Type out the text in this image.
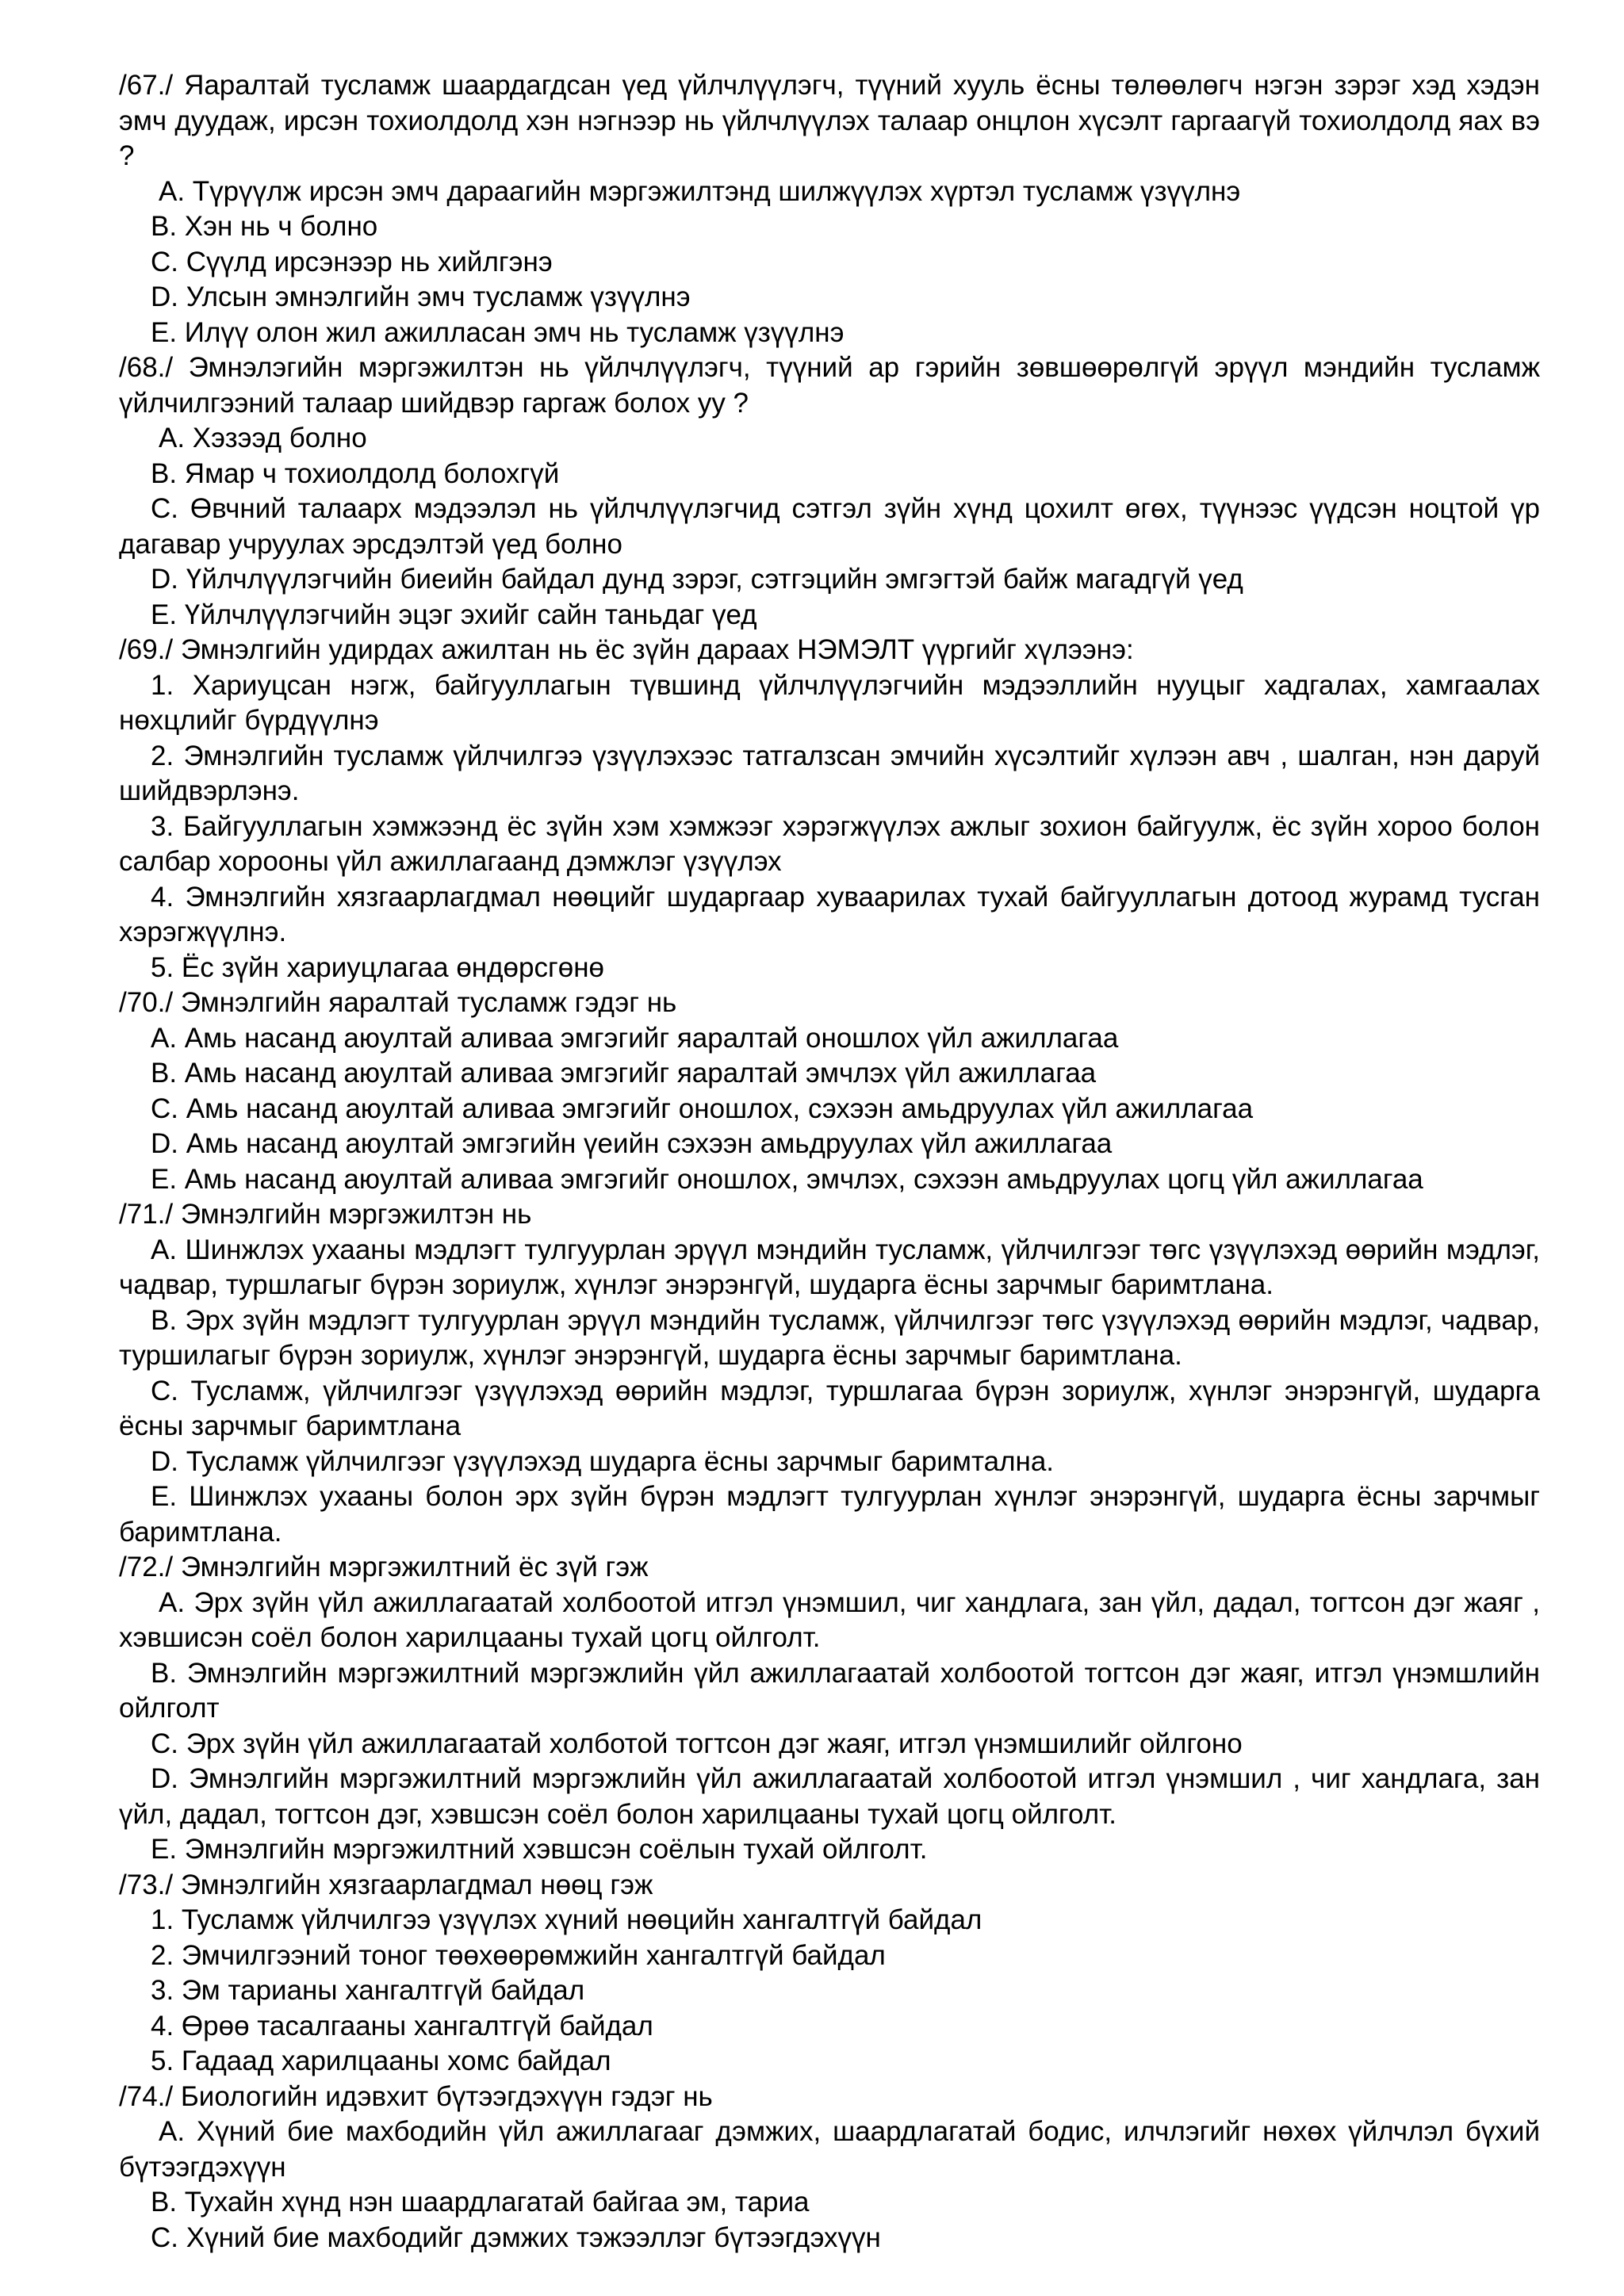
/67./ Яаралтай тусламж шаардагдсан үед үйлчлүүлэгч, түүний хууль ёсны төлөөлөгч нэгэн зэрэг хэд хэдэн эмч дуудаж, ирсэн тохиолдолд хэн нэгнээр нь үйлчлүүлэх талаар онцлон хүсэлт гаргаагүй тохиолдолд яах вэ ?
A. Түрүүлж ирсэн эмч дараагийн мэргэжилтэнд шилжүүлэх хүртэл тусламж үзүүлнэ
B. Хэн нь ч болно
C. Сүүлд ирсэнээр нь хийлгэнэ
D. Улсын эмнэлгийн эмч тусламж үзүүлнэ
E. Илүү олон жил ажилласан эмч нь тусламж үзүүлнэ
/68./ Эмнэлэгийн мэргэжилтэн нь үйлчлүүлэгч, түүний ар гэрийн зөвшөөрөлгүй эрүүл мэндийн тусламж үйлчилгээний талаар шийдвэр гаргаж болох уу ?
A. Хэзээд болно
B. Ямар ч тохиолдолд болохгүй
C. Өвчний талаарх мэдээлэл нь үйлчлүүлэгчид сэтгэл зүйн хүнд цохилт өгөх, түүнээс үүдсэн ноцтой үр дагавар учруулах эрсдэлтэй үед болно
D. Үйлчлүүлэгчийн биеийн байдал дунд зэрэг, сэтгэцийн эмгэгтэй байж магадгүй үед
E. Үйлчлүүлэгчийн эцэг эхийг сайн таньдаг үед
/69./ Эмнэлгийн удирдах ажилтан нь ёс зүйн дараах НЭМЭЛТ үүргийг хүлээнэ:
1. Хариуцсан нэгж, байгууллагын түвшинд үйлчлүүлэгчийн мэдээллийн нууцыг хадгалах, хамгаалах нөхцлийг бүрдүүлнэ
2. Эмнэлгийн тусламж үйлчилгээ үзүүлэхээс татгалзсан эмчийн хүсэлтийг хүлээн авч , шалган, нэн даруй шийдвэрлэнэ.
3. Байгууллагын хэмжээнд ёс зүйн хэм хэмжээг хэрэгжүүлэх ажлыг зохион байгуулж, ёс зүйн хороо болон салбар хорооны үйл ажиллагаанд дэмжлэг үзүүлэх
4. Эмнэлгийн хязгаарлагдмал нөөцийг шударгаар хуваарилах тухай байгууллагын дотоод журамд тусган хэрэгжүүлнэ.
5. Ёс зүйн хариуцлагаа өндөрсгөнө
/70./ Эмнэлгийн яаралтай тусламж гэдэг нь
A. Амь насанд аюултай аливаа эмгэгийг яаралтай оношлох үйл ажиллагаа
B. Амь насанд аюултай аливаа эмгэгийг яаралтай эмчлэх үйл ажиллагаа
C. Амь насанд аюултай аливаа эмгэгийг оношлох, сэхээн амьдруулах үйл ажиллагаа
D. Амь насанд аюултай эмгэгийн үеийн сэхээн амьдруулах үйл ажиллагаа
E. Амь насанд аюултай аливаа эмгэгийг оношлох, эмчлэх, сэхээн амьдруулах цогц үйл ажиллагаа
/71./ Эмнэлгийн мэргэжилтэн нь
A. Шинжлэх ухааны мэдлэгт тулгуурлан эрүүл мэндийн тусламж, үйлчилгээг төгс үзүүлэхэд өөрийн мэдлэг, чадвар, туршлагыг бүрэн зориулж, хүнлэг энэрэнгүй, шударга ёсны зарчмыг баримтлана.
B. Эрх зүйн мэдлэгт тулгуурлан эрүүл мэндийн тусламж, үйлчилгээг төгс үзүүлэхэд өөрийн мэдлэг, чадвар, туршилагыг бүрэн зориулж, хүнлэг энэрэнгүй, шударга ёсны зарчмыг баримтлана.
C. Тусламж, үйлчилгээг үзүүлэхэд өөрийн мэдлэг, туршлагаа бүрэн зориулж, хүнлэг энэрэнгүй, шударга ёсны зарчмыг баримтлана
D. Тусламж үйлчилгээг үзүүлэхэд шударга ёсны зарчмыг баримтална.
E. Шинжлэх ухааны болон эрх зүйн бүрэн мэдлэгт тулгуурлан хүнлэг энэрэнгүй, шударга ёсны зарчмыг баримтлана.
/72./ Эмнэлгийн мэргэжилтний ёс зүй гэж
A. Эрх зүйн үйл ажиллагаатай холбоотой итгэл үнэмшил, чиг хандлага, зан үйл, дадал, тогтсон дэг жаяг , хэвшисэн соёл болон харилцааны тухай цогц ойлголт.
B. Эмнэлгийн мэргэжилтний мэргэжлийн үйл ажиллагаатай холбоотой тогтсон дэг жаяг, итгэл үнэмшлийн ойлголт
C. Эрх зүйн үйл ажиллагаатай холботой тогтсон дэг жаяг, итгэл үнэмшилийг ойлгоно
D. Эмнэлгийн мэргэжилтний мэргэжлийн үйл ажиллагаатай холбоотой итгэл үнэмшил , чиг хандлага, зан үйл, дадал, тогтсон дэг, хэвшсэн соёл болон харилцааны тухай цогц ойлголт.
E. Эмнэлгийн мэргэжилтний хэвшсэн соёлын тухай ойлголт.
/73./ Эмнэлгийн хязгаарлагдмал нөөц гэж
1. Тусламж үйлчилгээ үзүүлэх хүний нөөцийн хангалтгүй байдал
2. Эмчилгээний тоног төөхөөрөмжийн хангалтгүй байдал
3. Эм тарианы хангалтгүй байдал
4. Өрөө тасалгааны хангалтгүй байдал
5. Гадаад харилцааны хомс байдал
/74./ Биологийн идэвхит бүтээгдэхүүн гэдэг нь
A. Хүний бие махбодийн үйл ажиллагааг дэмжих, шаардлагатай бодис, илчлэгийг нөхөх үйлчлэл бүхий бүтээгдэхүүн
B. Тухайн хүнд нэн шаардлагатай байгаа эм, тариа
C. Хүний бие махбодийг дэмжих тэжээллэг бүтээгдэхүүн
